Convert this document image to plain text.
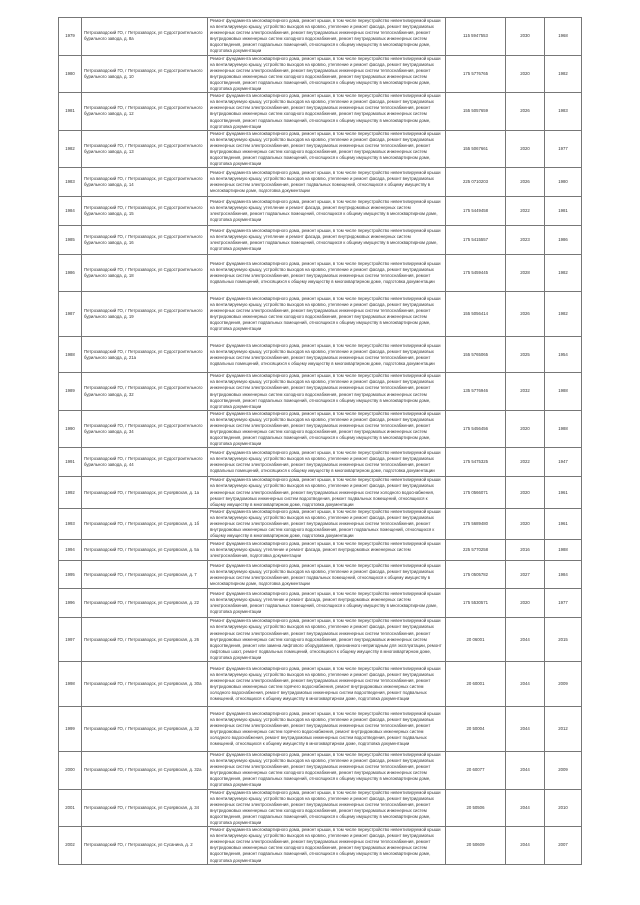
1979	Петрозаводский ГО, г Петрозаводск, ул Судостроительного бурильного завода, д. 8а	Ремонт фундамента многоквартирного дома, ремонт крыши, в том числе переустройство невентилируемой крыши на вентилируемую крышу, устройство выходов на кровлю, утепление и ремонт фасада, ремонт внутридомовых инженерных систем электроснабжения, ремонт внутридомовых инженерных систем теплоснабжения, ремонт внутридомовых инженерных систем холодного водоснабжения, ремонт внутридомовых инженерных систем водоотведения, ремонт подвальных помещений, относящихся к общему имуществу в многоквартирном доме, подготовка документации	115 5947553	2030	1968
1980	Петрозаводский ГО, г Петрозаводск, ул Судостроительного бурильного завода, д. 10	Ремонт фундамента многоквартирного дома, ремонт крыши, в том числе переустройство невентилируемой крыши на вентилируемую крышу, устройство выходов на кровлю, утепление и ремонт фасада, ремонт внутридомовых инженерных систем электроснабжения, ремонт внутридомовых инженерных систем теплоснабжения, ремонт внутридомовых инженерных систем холодного водоснабжения, ремонт внутридомовых инженерных систем водоотведения, ремонт подвальных помещений, относящихся к общему имуществу в многоквартирном доме, подготовка документации	175 5776765	2020	1982
1981	Петрозаводский ГО, г Петрозаводск, ул Судостроительного бурильного завода, д. 12	Ремонт фундамента многоквартирного дома, ремонт крыши, в том числе переустройство невентилируемой крыши на вентилируемую крышу, устройство выходов на кровлю, утепление и ремонт фасада, ремонт внутридомовых инженерных систем электроснабжения, ремонт внутридомовых инженерных систем теплоснабжения, ремонт внутридомовых инженерных систем холодного водоснабжения, ремонт внутридомовых инженерных систем водоотведения, ремонт подвальных помещений, относящихся к общему имуществу в многоквартирном доме, подготовка документации	155 5057659	2026	1983
1982	Петрозаводский ГО, г Петрозаводск, ул Судостроительного бурильного завода, д. 13	Ремонт фундамента многоквартирного дома, ремонт крыши, в том числе переустройство невентилируемой крыши на вентилируемую крышу, устройство выходов на кровлю, утепление и ремонт фасада, ремонт внутридомовых инженерных систем электроснабжения, ремонт внутридомовых инженерных систем теплоснабжения, ремонт внутридомовых инженерных систем холодного водоснабжения, ремонт внутридомовых инженерных систем водоотведения, ремонт подвальных помещений, относящихся к общему имуществу в многоквартирном доме, подготовка документации	155 5067661	2020	1977
1983	Петрозаводский ГО, г Петрозаводск, ул Судостроительного бурильного завода, д. 14	Ремонт фундамента многоквартирного дома, ремонт крыши, в том числе переустройство невентилируемой крыши на вентилируемую крышу, устройство выходов на кровлю, утепление и ремонт фасада, ремонт внутридомовых инженерных систем электроснабжения, ремонт подвальных помещений, относящихся к общему имуществу в многоквартирном доме, подготовка документации	225 0710203	2026	1980
1984	Петрозаводский ГО, г Петрозаводск, ул Судостроительного бурильного завода, д. 15	Ремонт фундамента многоквартирного дома, ремонт крыши, в том числе переустройство невентилируемой крыши на вентилируемую крышу, утепление и ремонт фасада, ремонт внутридомовых инженерных систем электроснабжения, ремонт подвальных помещений, относящихся к общему имуществу в многоквартирном доме, подготовка документации	175 5449458	2022	1981
1985	Петрозаводский ГО, г Петрозаводск, ул Судостроительного бурильного завода, д. 16	Ремонт фундамента многоквартирного дома, ремонт крыши, в том числе переустройство невентилируемой крыши на вентилируемую крышу, утепление и ремонт фасада, ремонт внутридомовых инженерных систем электроснабжения, ремонт подвальных помещений, относящихся к общему имуществу в многоквартирном доме, подготовка документации	175 5415557	2023	1986
1986	Петрозаводский ГО, г Петрозаводск, ул Судостроительного бурильного завода, д. 18	Ремонт фундамента многоквартирного дома, ремонт крыши, в том числе переустройство невентилируемой крыши на вентилируемую крышу, устройство выходов на кровлю, утепление и ремонт фасада, ремонт внутридомовых инженерных систем электроснабжения, ремонт внутридомовых инженерных систем теплоснабжения, ремонт подвальных помещений, относящихся к общему имуществу в многоквартирном доме, подготовка документации	175 5459445	2028	1982
1987	Петрозаводский ГО, г Петрозаводск, ул Судостроительного бурильного завода, д. 19	Ремонт фундамента многоквартирного дома, ремонт крыши, в том числе переустройство невентилируемой крыши на вентилируемую крышу, устройство выходов на кровлю, утепление и ремонт фасада, ремонт внутридомовых инженерных систем электроснабжения, ремонт внутридомовых инженерных систем теплоснабжения, ремонт внутридомовых инженерных систем холодного водоснабжения, ремонт внутридомовых инженерных систем водоотведения, ремонт подвальных помещений, относящихся к общему имуществу в многоквартирном доме, подготовка документации	155 5056414	2026	1982
1988	Петрозаводский ГО, г Петрозаводск, ул Судостроительного бурильного завода, д. 21а	Ремонт фундамента многоквартирного дома, ремонт крыши, в том числе переустройство невентилируемой крыши на вентилируемую крышу, устройство выходов на кровлю, утепление и ремонт фасада, ремонт внутридомовых инженерных систем электроснабжения, ремонт внутридомовых инженерных систем теплоснабжения, ремонт подвальных помещений, относящихся к общему имуществу в многоквартирном доме, подготовка документации	155 5765065	2025	1954
1989	Петрозаводский ГО, г Петрозаводск, ул Судостроительного бурильного завода, д. 32	Ремонт фундамента многоквартирного дома, ремонт крыши, в том числе переустройство невентилируемой крыши на вентилируемую крышу, устройство выходов на кровлю, утепление и ремонт фасада, ремонт внутридомовых инженерных систем электроснабжения, ремонт внутридомовых инженерных систем теплоснабжения, ремонт внутридомовых инженерных систем холодного водоснабжения, ремонт внутридомовых инженерных систем водоотведения, ремонт подвальных помещений, относящихся к общему имуществу в многоквартирном доме, подготовка документации	135 5776946	2032	1988
1990	Петрозаводский ГО, г Петрозаводск, ул Судостроительного бурильного завода, д. 34	Ремонт фундамента многоквартирного дома, ремонт крыши, в том числе переустройство невентилируемой крыши на вентилируемую крышу, устройство выходов на кровлю, утепление и ремонт фасада, ремонт внутридомовых инженерных систем электроснабжения, ремонт внутридомовых инженерных систем теплоснабжения, ремонт внутридомовых инженерных систем холодного водоснабжения, ремонт внутридомовых инженерных систем водоотведения, ремонт подвальных помещений, относящихся к общему имуществу в многоквартирном доме, подготовка документации	175 5456456	2020	1988
1991	Петрозаводский ГО, г Петрозаводск, ул Судостроительного бурильного завода, д. 44	Ремонт фундамента многоквартирного дома, ремонт крыши, в том числе переустройство невентилируемой крыши на вентилируемую крышу, устройство выходов на кровлю, утепление и ремонт фасада, ремонт внутридомовых инженерных систем электроснабжения, ремонт внутридомовых инженерных систем теплоснабжения, ремонт подвальных помещений, относящихся к общему имуществу в многоквартирном доме, подготовка документации	175 5475325	2022	1947
1992	Петрозаводский ГО, г Петрозаводск, ул Суоярвская, д. 1а	Ремонт фундамента многоквартирного дома, ремонт крыши, в том числе переустройство невентилируемой крыши на вентилируемую крышу, устройство выходов на кровлю, утепление и ремонт фасада, ремонт внутридомовых инженерных систем электроснабжения, ремонт внутридомовых инженерных систем холодного водоснабжения, ремонт внутридомовых инженерных систем водоотведения, ремонт подвальных помещений, относящихся к общему имуществу в многоквартирном доме, подготовка документации	175 0566071	2020	1961
1993	Петрозаводский ГО, г Петрозаводск, ул Суоярвская, д. 1б	Ремонт фундамента многоквартирного дома, ремонт крыши, в том числе переустройство невентилируемой крыши на вентилируемую крышу, устройство выходов на кровлю, утепление и ремонт фасада, ремонт внутридомовых инженерных систем электроснабжения, ремонт внутридомовых инженерных систем теплоснабжения, ремонт внутридомовых инженерных систем холодного водоснабжения, ремонт подвальных помещений, относящихся к общему имуществу в многоквартирном доме, подготовка документации	175 5689480	2020	1961
1994	Петрозаводский ГО, г Петрозаводск, ул Суоярвская, д. 5а	Ремонт фундамента многоквартирного дома, ремонт крыши, в том числе переустройство невентилируемой крыши на вентилируемую крышу, утепление и ремонт фасада, ремонт внутридомовых инженерных систем электроснабжения, подготовка документации	225 5770258	2016	1988
1995	Петрозаводский ГО, г Петрозаводск, ул Суоярвская, д. 7	Ремонт фундамента многоквартирного дома, ремонт крыши, в том числе переустройство невентилируемой крыши на вентилируемую крышу, устройство выходов на кровлю, утепление и ремонт фасада, ремонт внутридомовых инженерных систем электроснабжения, ремонт подвальных помещений, относящихся к общему имуществу в многоквартирном доме, подготовка документации	175 0505782	2027	1984
1996	Петрозаводский ГО, г Петрозаводск, ул Суоярвская, д. 22	Ремонт фундамента многоквартирного дома, ремонт крыши, в том числе переустройство невентилируемой крыши на вентилируемую крышу, утепление и ремонт фасада, ремонт внутридомовых инженерных систем электроснабжения, ремонт подвальных помещений, относящихся к общему имуществу в многоквартирном доме, подготовка документации	175 5530571	2020	1977
1997	Петрозаводский ГО, г Петрозаводск, ул Суоярвская, д. 26	Ремонт фундамента многоквартирного дома, ремонт крыши, в том числе переустройство невентилируемой крыши на вентилируемую крышу, устройство выходов на кровлю, утепление и ремонт фасада, ремонт внутридомовых инженерных систем электроснабжения, ремонт внутридомовых инженерных систем теплоснабжения, ремонт внутридомовых инженерных систем холодного водоснабжения, ремонт внутридомовых инженерных систем водоотведения, ремонт или замена лифтового оборудования, признанного непригодным для эксплуатации, ремонт лифтовых шахт, ремонт подвальных помещений, относящихся к общему имуществу в многоквартирном доме, подготовка документации	20 06001	2044	2015
1998	Петрозаводский ГО, г Петрозаводск, ул Суоярвская, д. 30а	Ремонт фундамента многоквартирного дома, ремонт крыши, в том числе переустройство невентилируемой крыши на вентилируемую крышу, устройство выходов на кровлю, утепление и ремонт фасада, ремонт внутридомовых инженерных систем электроснабжения, ремонт внутридомовых инженерных систем теплоснабжения, ремонт внутридомовых инженерных систем горячего водоснабжения, ремонт внутридомовых инженерных систем холодного водоснабжения, ремонт внутридомовых инженерных систем водоотведения, ремонт подвальных помещений, относящихся к общему имуществу в многоквартирном доме, подготовка документации	20 60001	2044	2009
1999	Петрозаводский ГО, г Петрозаводск, ул Суоярвская, д. 32	Ремонт фундамента многоквартирного дома, ремонт крыши, в том числе переустройство невентилируемой крыши на вентилируемую крышу, устройство выходов на кровлю, утепление и ремонт фасада, ремонт внутридомовых инженерных систем электроснабжения, ремонт внутридомовых инженерных систем теплоснабжения, ремонт внутридомовых инженерных систем горячего водоснабжения, ремонт внутридомовых инженерных систем холодного водоснабжения, ремонт внутридомовых инженерных систем водоотведения, ремонт подвальных помещений, относящихся к общему имуществу в многоквартирном доме, подготовка документации	20 50004	2044	2012
2000	Петрозаводский ГО, г Петрозаводск, ул Суоярвская, д. 32а	Ремонт фундамента многоквартирного дома, ремонт крыши, в том числе переустройство невентилируемой крыши на вентилируемую крышу, устройство выходов на кровлю, утепление и ремонт фасада, ремонт внутридомовых инженерных систем электроснабжения, ремонт внутридомовых инженерных систем теплоснабжения, ремонт внутридомовых инженерных систем холодного водоснабжения, ремонт внутридомовых инженерных систем водоотведения, ремонт подвальных помещений, относящихся к общему имуществу в многоквартирном доме, подготовка документации	20 60077	2044	2009
2001	Петрозаводский ГО, г Петрозаводск, ул Суоярвская, д. 34	Ремонт фундамента многоквартирного дома, ремонт крыши, в том числе переустройство невентилируемой крыши на вентилируемую крышу, устройство выходов на кровлю, утепление и ремонт фасада, ремонт внутридомовых инженерных систем электроснабжения, ремонт внутридомовых инженерных систем теплоснабжения, ремонт внутридомовых инженерных систем холодного водоснабжения, ремонт внутридомовых инженерных систем водоотведения, ремонт подвальных помещений, относящихся к общему имуществу в многоквартирном доме, подготовка документации	20 50506	2044	2010
2002	Петрозаводский ГО, г Петрозаводск, ул Сусанина, д. 2	Ремонт фундамента многоквартирного дома, ремонт крыши, в том числе переустройство невентилируемой крыши на вентилируемую крышу, устройство выходов на кровлю, утепление и ремонт фасада, ремонт внутридомовых инженерных систем электроснабжения, ремонт внутридомовых инженерных систем теплоснабжения, ремонт внутридомовых инженерных систем холодного водоснабжения, ремонт внутридомовых инженерных систем водоотведения, ремонт подвальных помещений, относящихся к общему имуществу в многоквартирном доме, подготовка документации	20 50609	2044	2007
